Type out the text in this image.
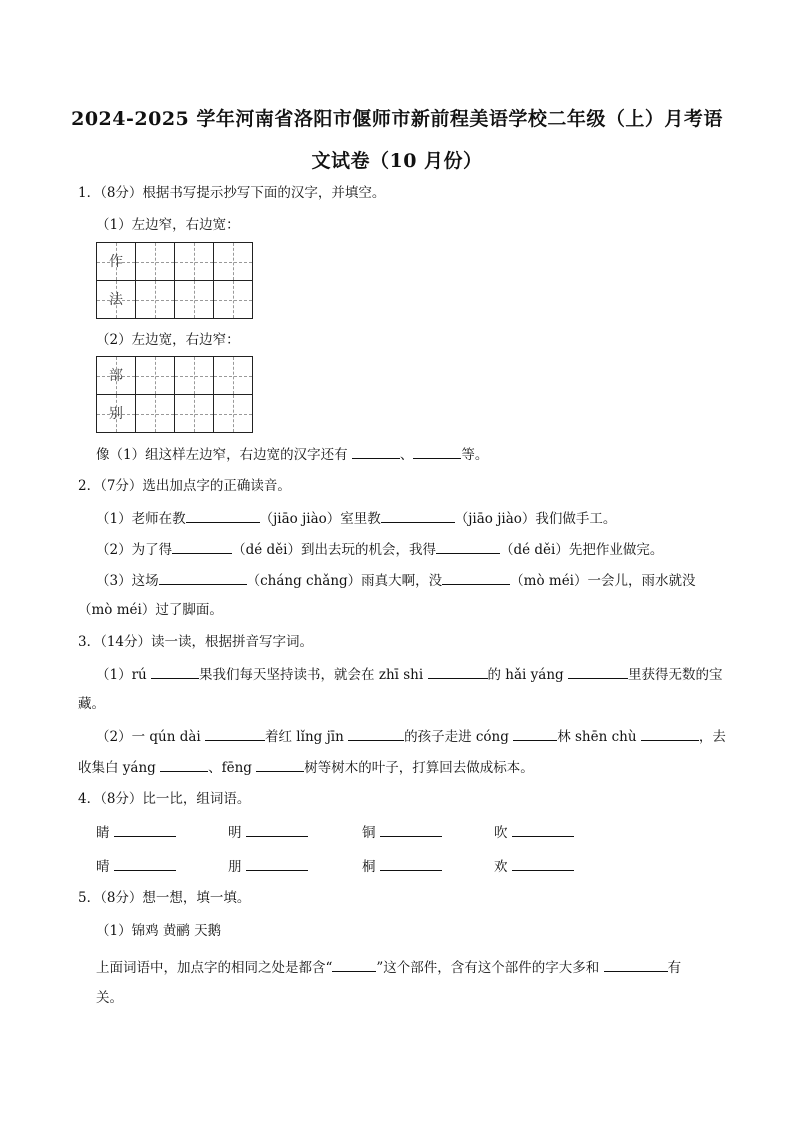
2024-2025 学年河南省洛阳市偃师市新前程美语学校二年级（上）月考语
文试卷（10 月份）
1．（8分）根据书写提示抄写下面的汉字，并填空。
（1）左边窄，右边宽：
作			

法			

（2）左边宽，右边窄：
部			

别			

像（1）组这样左边窄，右边宽的汉字还有	、	等。
2．（7分）选出加点字的正确读音。
（1）老师在教	（jiāo jiào）室里教	（jiāo jiào）我们做手工。
（2）为了得	（dé děi）到出去玩的机会，我得	（dé děi）先把作业做完。
（3）这场	（cháng chǎng）雨真大啊，没	（mò méi）一会儿，雨水就没
（mò méi）过了脚面。
3．（14分）读一读，根据拼音写字词。
（1）rú	果我们每天坚持读书，就会在 zhī shi	的 hǎi yáng	里获得无数的宝
藏。
（2）一 qún dài	着红 lǐng jīn	的孩子走进 cóng	林 shēn chù	，去
收集白 yáng	、fēng	树等树木的叶子，打算回去做成标本。
4．（8分）比一比，组词语。
睛	明	铜	吹
晴	朋	桐	欢
5．（8分）想一想，填一填。
（1）锦鸡 黄鹂 天鹅
上面词语中，加点字的相同之处是都含“	”这个部件，含有这个部件的字大多和	有
关。
